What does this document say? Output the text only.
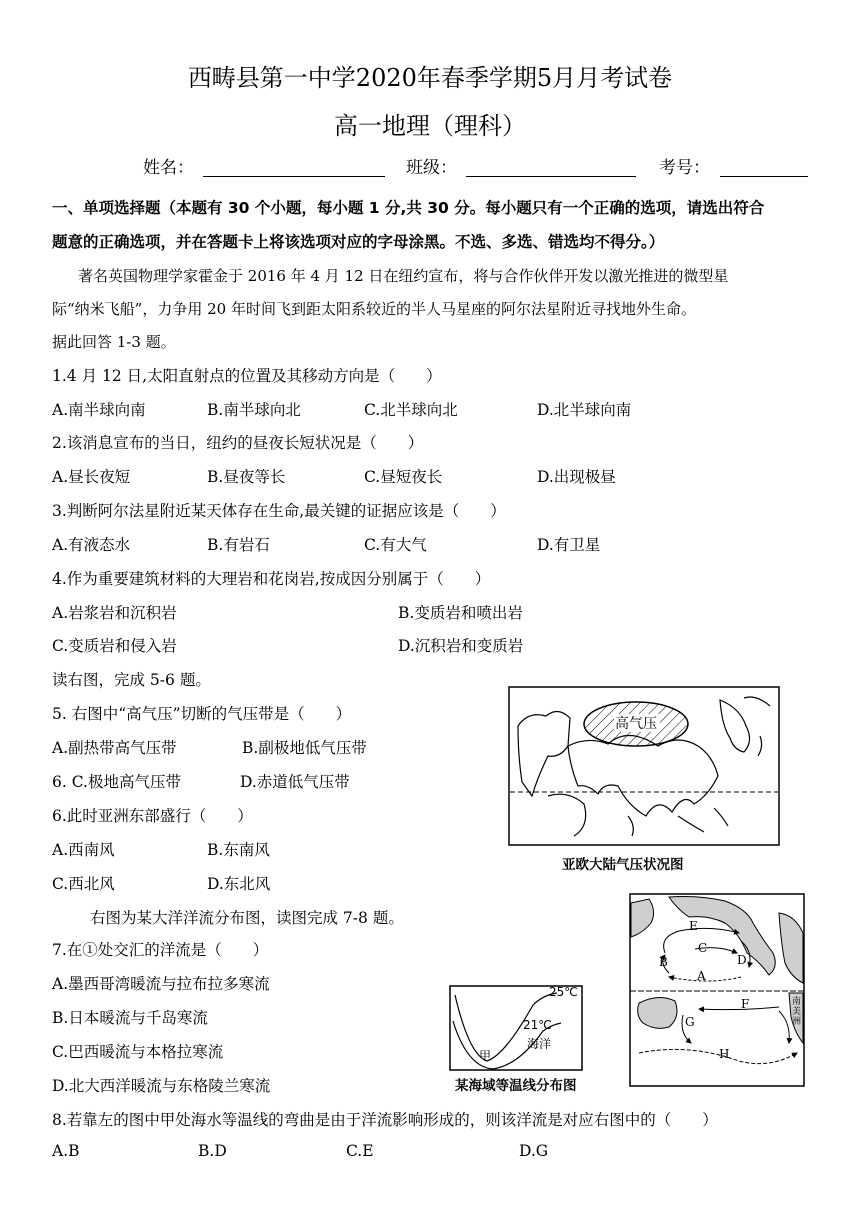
西畴县第一中学2020年春季学期5月月考试卷
高一地理（理科）
姓名：	班级：	考号：
一、单项选择题（本题有 30 个小题，每小题 1 分,共 30 分。每小题只有一个正确的选项，请选出符合
题意的正确选项，并在答题卡上将该选项对应的字母涂黑。不选、多选、错选均不得分。）
著名英国物理学家霍金于 2016 年 4 月 12 日在纽约宣布，将与合作伙伴开发以激光推进的微型星
际“纳米飞船”，力争用 20 年时间飞到距太阳系较近的半人马星座的阿尔法星附近寻找地外生命。
据此回答 1-3 题。
1.4 月 12 日,太阳直射点的位置及其移动方向是（　　）
A.南半球向南	B.南半球向北	C.北半球向北	D.北半球向南
2.该消息宣布的当日，纽约的昼夜长短状况是（　　）
A.昼长夜短	B.昼夜等长	C.昼短夜长	D.出现极昼
3.判断阿尔法星附近某天体存在生命,最关键的证据应该是（　　）
A.有液态水	B.有岩石	C.有大气	D.有卫星
4.作为重要建筑材料的大理岩和花岗岩,按成因分别属于（　　）
A.岩浆岩和沉积岩	B.变质岩和喷出岩
C.变质岩和侵入岩	D.沉积岩和变质岩
读右图，完成 5-6 题。
5. 右图中“高气压”切断的气压带是（　　）
A.副热带高气压带	B.副极地低气压带
6. C.极地高气压带	D.赤道低气压带
6.此时亚洲东部盛行（　　）
A.西南风	B.东南风
C.西北风	D.东北风
右图为某大洋洋流分布图，读图完成 7-8 题。
7.在①处交汇的洋流是（　　）
A.墨西哥湾暖流与拉布拉多寒流
B.日本暖流与千岛寒流
C.巴西暖流与本格拉寒流
D.北大西洋暖流与东格陵兰寒流
8.若靠左的图中甲处海水等温线的弯曲是由于洋流影响形成的，则该洋流是对应右图中的（　　）
A.B	B.D	C.E	D.G
高气压
亚欧大陆气压状况图
E
C
B	D
A
F
G
H
南美洲
25℃
21℃
海洋
甲
某海域等温线分布图
